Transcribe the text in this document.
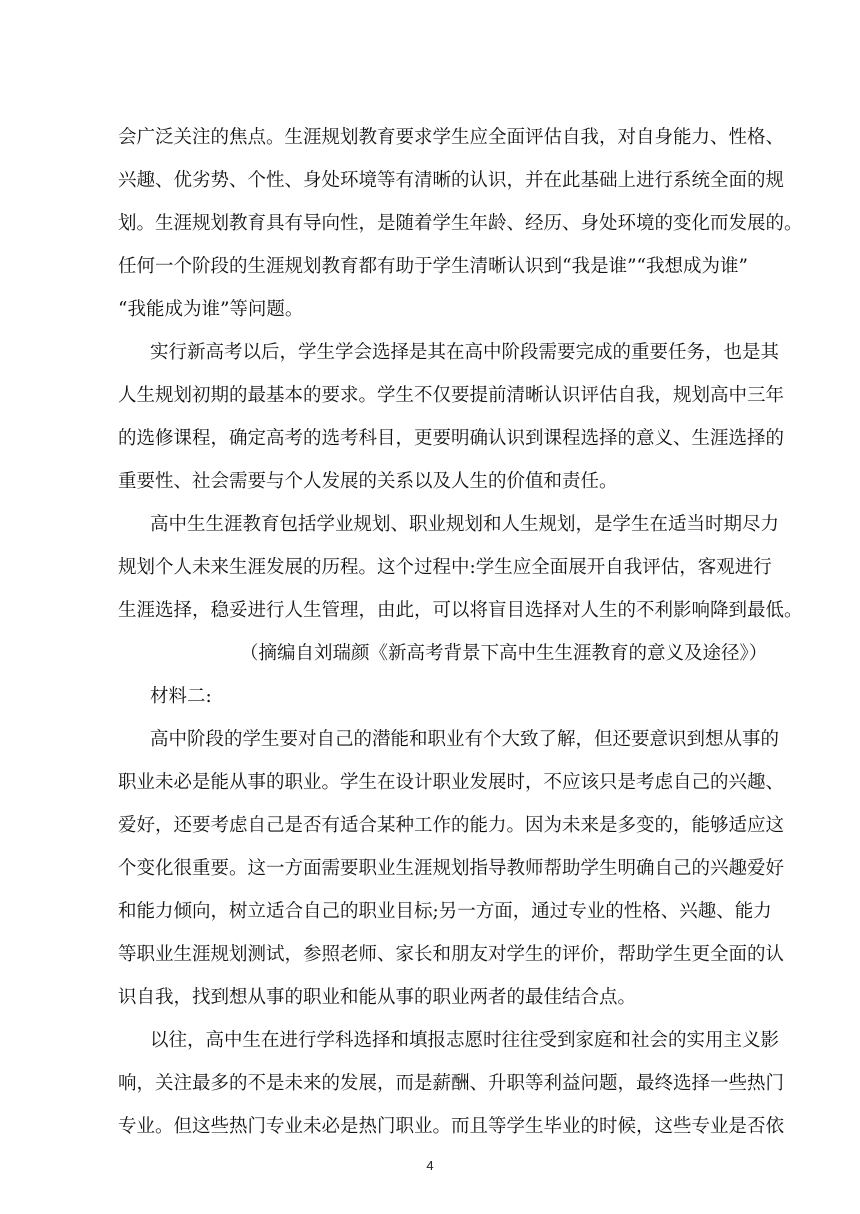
会广泛关注的焦点。生涯规划教育要求学生应全面评估自我，对自身能力、性格、
兴趣、优劣势、个性、身处环境等有清晰的认识，并在此基础上进行系统全面的规
划。生涯规划教育具有导向性，是随着学生年龄、经历、身处环境的变化而发展的。
任何一个阶段的生涯规划教育都有助于学生清晰认识到“我是谁”“我想成为谁”
“我能成为谁”等问题。
实行新高考以后，学生学会选择是其在高中阶段需要完成的重要任务，也是其
人生规划初期的最基本的要求。学生不仅要提前清晰认识评估自我，规划高中三年
的选修课程，确定高考的选考科目，更要明确认识到课程选择的意义、生涯选择的
重要性、社会需要与个人发展的关系以及人生的价值和责任。
高中生生涯教育包括学业规划、职业规划和人生规划，是学生在适当时期尽力
规划个人未来生涯发展的历程。这个过程中:学生应全面展开自我评估，客观进行
生涯选择，稳妥进行人生管理，由此，可以将盲目选择对人生的不利影响降到最低。
（摘编自刘瑞颜《新高考背景下高中生生涯教育的意义及途径》）
材料二:
高中阶段的学生要对自己的潜能和职业有个大致了解，但还要意识到想从事的
职业未必是能从事的职业。学生在设计职业发展时，不应该只是考虑自己的兴趣、
爱好，还要考虑自己是否有适合某种工作的能力。因为未来是多变的，能够适应这
个变化很重要。这一方面需要职业生涯规划指导教师帮助学生明确自己的兴趣爱好
和能力倾向，树立适合自己的职业目标;另一方面，通过专业的性格、兴趣、能力
等职业生涯规划测试，参照老师、家长和朋友对学生的评价，帮助学生更全面的认
识自我，找到想从事的职业和能从事的职业两者的最佳结合点。
以往，高中生在进行学科选择和填报志愿时往往受到家庭和社会的实用主义影
响，关注最多的不是未来的发展，而是薪酬、升职等利益问题，最终选择一些热门
专业。但这些热门专业未必是热门职业。而且等学生毕业的时候，这些专业是否依
4
